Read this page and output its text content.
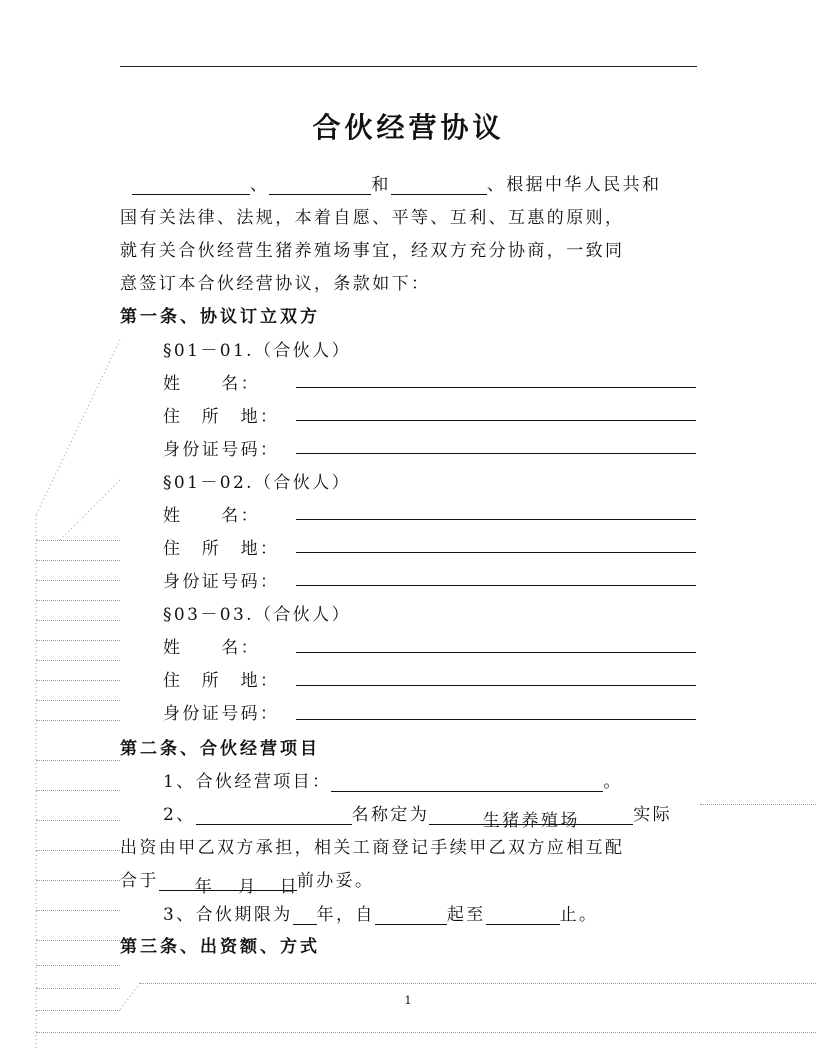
合伙经营协议
、	和	、根据中华人民共和
国有关法律、法规，本着自愿、平等、互利、互惠的原则，
就有关合伙经营生猪养殖场事宜，经双方充分协商，一致同
意签订本合伙经营协议，条款如下：
第一条、协议订立双方
§01－01.（合伙人）
姓　　名：
住　所　地：
身份证号码：
§01－02.（合伙人）
姓　　名：
住　所　地：
身份证号码：
§03－03.（合伙人）
姓　　名：
住　所　地：
身份证号码：
第二条、合伙经营项目
1、合伙经营项目：	。
2、	名称定为	生猪养殖场	实际
出资由甲乙双方承担，相关工商登记手续甲乙双方应相互配
合于 年 月 日前办妥。
3、合伙期限为 年，自	起至	止。
第三条、出资额、方式
1
